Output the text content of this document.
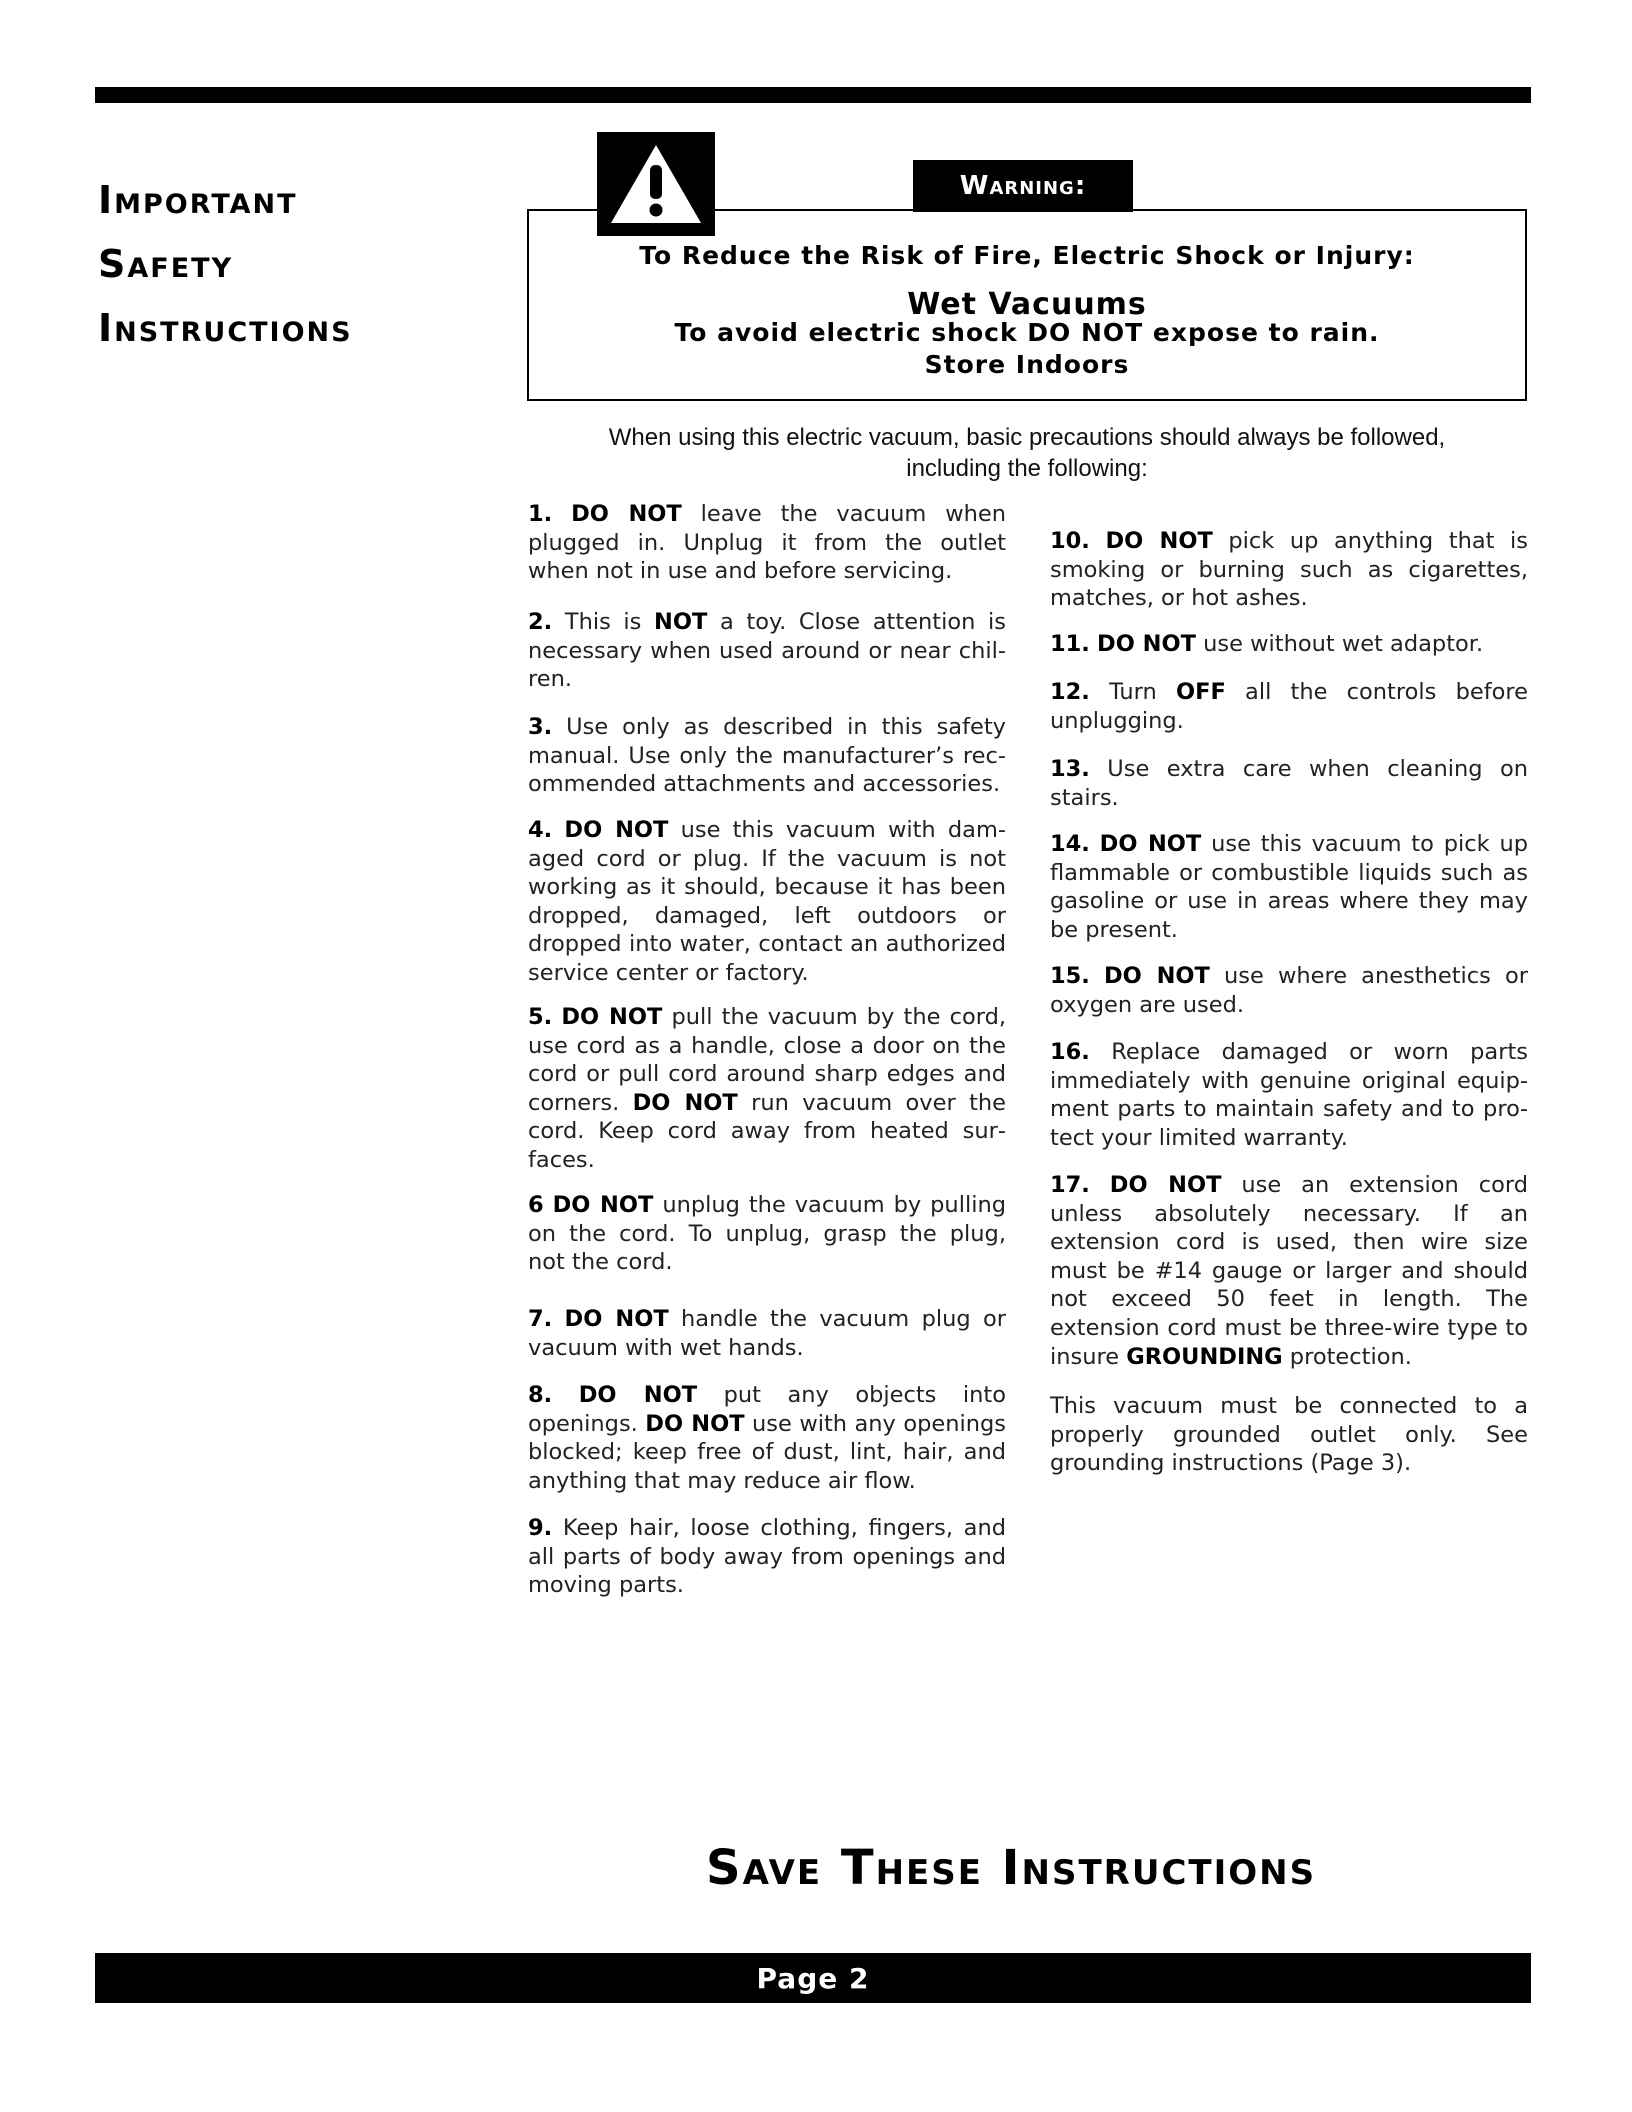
Important
Safety
Instructions
Warning:
To Reduce the Risk of Fire, Electric Shock or Injury:
Wet Vacuums
To avoid electric shock DO NOT expose to rain.
Store Indoors
When using this electric vacuum, basic precautions should always be followed,
including the following:

1. DO NOT leave the vacuum when plugged in. Unplug it from the outlet when not in use and before servicing.

2. This is NOT a toy. Close attention is necessary when used around or near chilren.

3. Use only as described in this safety manual. Use only the manufacturer’s recommended attachments and accessories.

4. DO NOT use this vacuum with damaged cord or plug. If the vacuum is not working as it should, because it has been dropped, damaged, left outdoors or dropped into water, contact an authorized service center or factory.

5. DO NOT pull the vacuum by the cord, use cord as a handle, close a door on the cord or pull cord around sharp edges and corners. DO NOT run vacuum over the cord. Keep cord away from heated surfaces.

6 DO NOT unplug the vacuum by pulling on the cord. To unplug, grasp the plug, not the cord.

7. DO NOT handle the vacuum plug or vacuum with wet hands.

8. DO NOT put any objects into openings. DO NOT use with any openings blocked; keep free of dust, lint, hair, and anything that may reduce air flow.

9. Keep hair, loose clothing, fingers, and all parts of body away from openings and moving parts.

10. DO NOT pick up anything that is smoking or burning such as cigarettes, matches, or hot ashes.

11. DO NOT use without wet adaptor.

12. Turn OFF all the controls before unplugging.

13. Use extra care when cleaning on stairs.

14. DO NOT use this vacuum to pick up flammable or combustible liquids such as gasoline or use in areas where they may be present.

15. DO NOT use where anesthetics or oxygen are used.

16. Replace damaged or worn parts immediately with genuine original equipment parts to maintain safety and to protect your limited warranty.

17. DO NOT use an extension cord unless absolutely necessary. If an extension cord is used, then wire size must be #14 gauge or larger and should not exceed 50 feet in length. The extension cord must be three-wire type to insure GROUNDING protection.

This vacuum must be connected to a properly grounded outlet only. See grounding instructions (Page 3).

Save These Instructions
Page 2
